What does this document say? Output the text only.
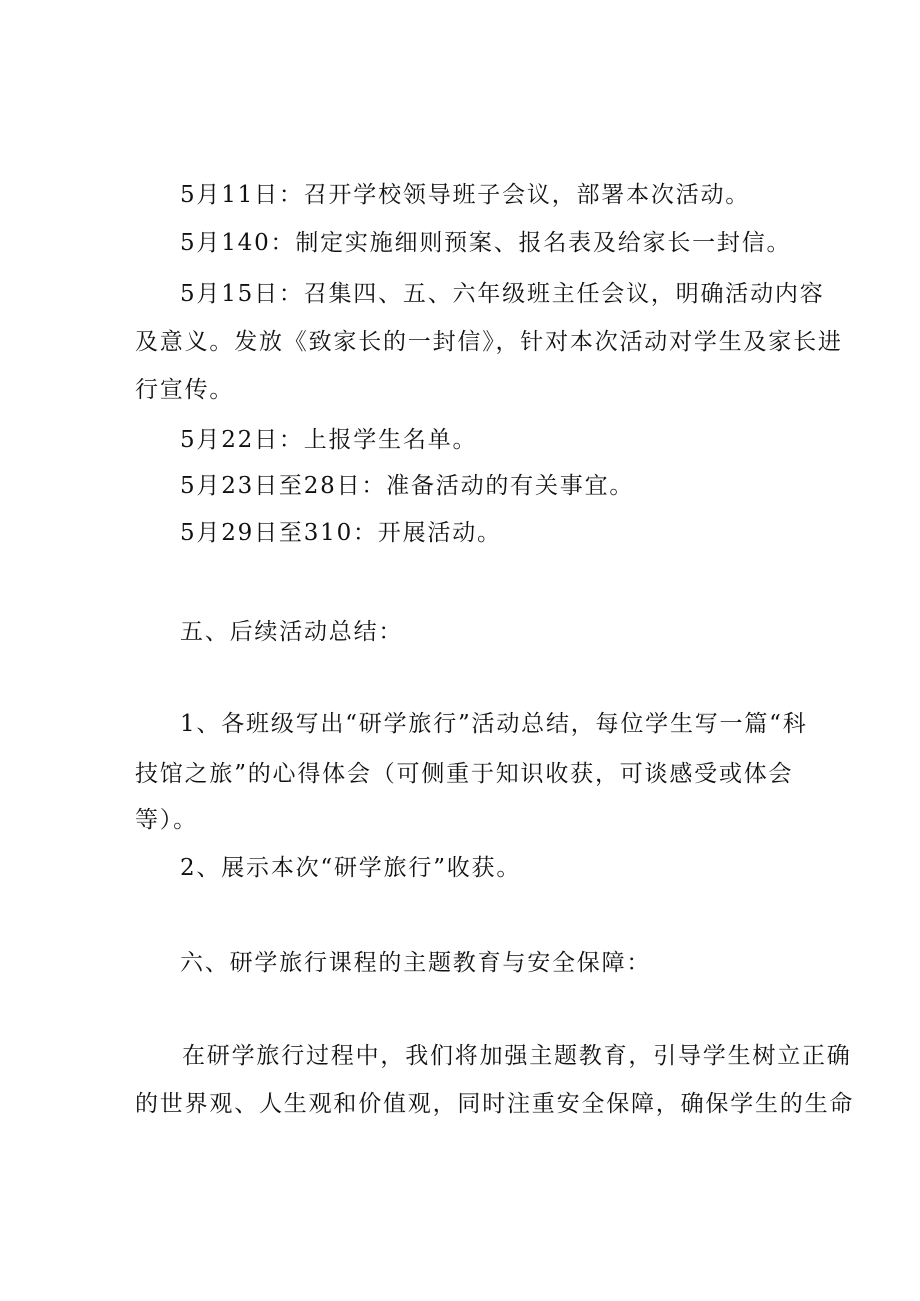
5月11日：召开学校领导班子会议，部署本次活动。
5月140：制定实施细则预案、报名表及给家长一封信。
5月15日：召集四、五、六年级班主任会议，明确活动内容
及意义。发放《致家长的一封信》，针对本次活动对学生及家长进
行宣传。
5月22日：上报学生名单。
5月23日至28日：准备活动的有关事宜。
5月29日至310：开展活动。
五、后续活动总结：
1、各班级写出“研学旅行”活动总结，每位学生写一篇“科
技馆之旅”的心得体会（可侧重于知识收获，可谈感受或体会
等）。
2、展示本次“研学旅行”收获。
六、研学旅行课程的主题教育与安全保障：
在研学旅行过程中，我们将加强主题教育，引导学生树立正确
的世界观、人生观和价值观，同时注重安全保障，确保学生的生命
